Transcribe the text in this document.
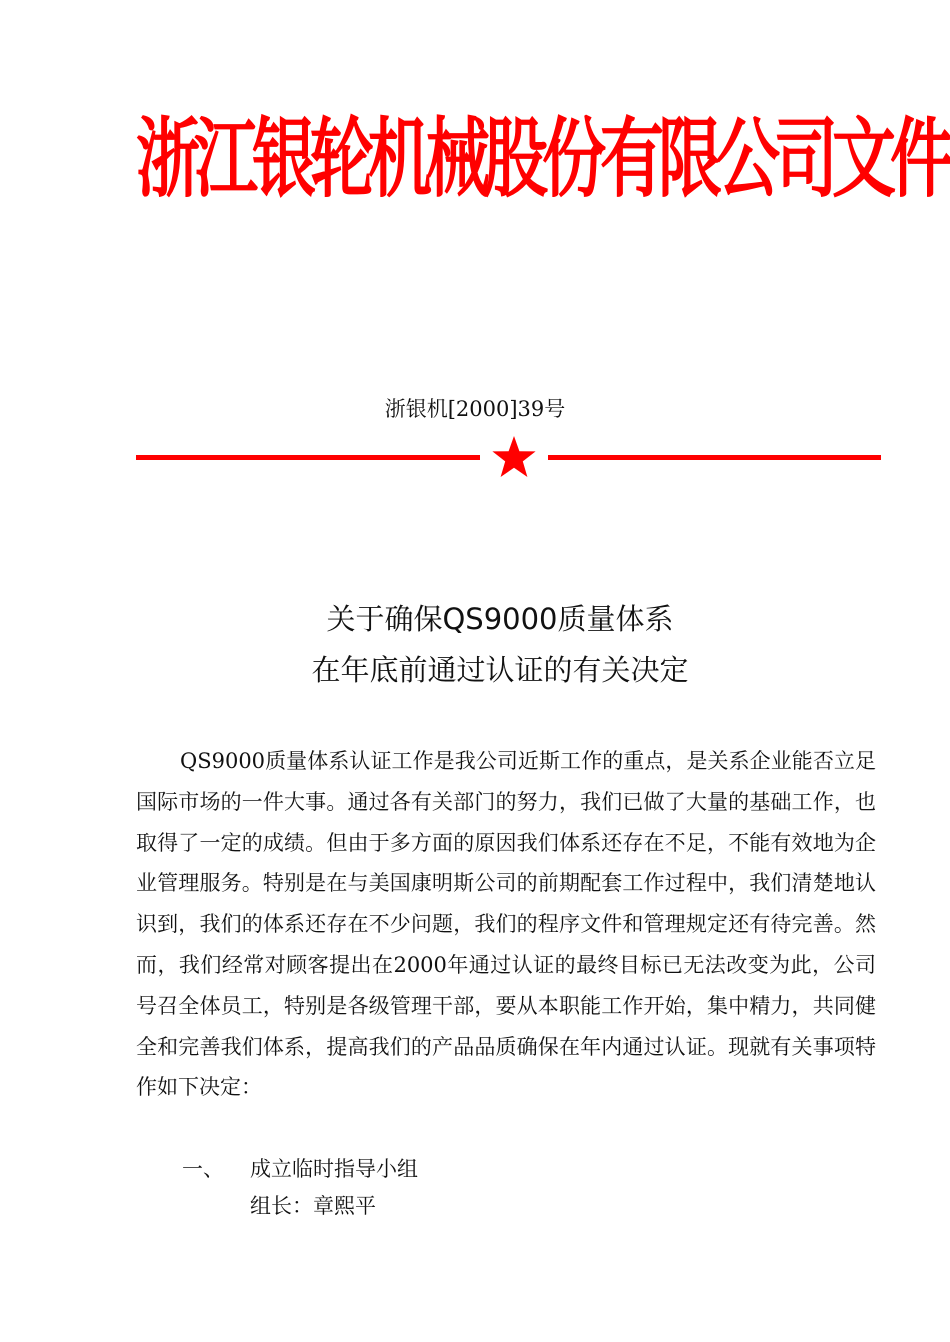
浙江银轮机械股份有限公司文件
浙银机[2000]39号
关于确保QS9000质量体系
在年底前通过认证的有关决定

QS9000质量体系认证工作是我公司近斯工作的重点，是关系企业能否立足国际市场的一件大事。通过各有关部门的努力，我们已做了大量的基础工作，也取得了一定的成绩。但由于多方面的原因我们体系还存在不足，不能有效地为企业管理服务。特别是在与美国康明斯公司的前期配套工作过程中，我们清楚地认识到，我们的体系还存在不少问题，我们的程序文件和管理规定还有待完善。然而，我们经常对顾客提出在2000年通过认证的最终目标已无法改变为此，公司号召全体员工，特别是各级管理干部，要从本职能工作开始，集中精力，共同健全和完善我们体系，提高我们的产品品质确保在年内通过认证。现就有关事项特作如下决定：

一、 成立临时指导小组
组长：章熙平
